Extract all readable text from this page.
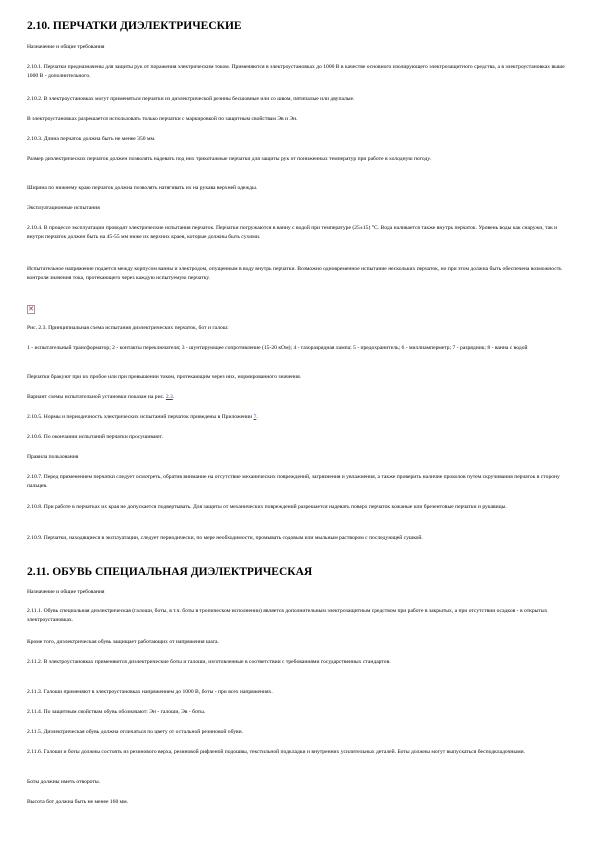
2.10. ПЕРЧАТКИ ДИЭЛЕКТРИЧЕСКИЕ

Назначение и общие требования

2.10.1. Перчатки предназначены для защиты рук от поражения электрическим током. Применяются в электроустановках до 1000 В в качестве основного изолирующего электрозащитного средства, а в электроустановках выше 1000 В - дополнительного.

2.10.2. В электроустановках могут применяться перчатки из диэлектрической резины бесшовные или со швом, пятипалые или двупалые.

В электроустановках разрешается использовать только перчатки с маркировкой по защитным свойствам Эв и Эн.

2.10.3. Длина перчаток должна быть не менее 350 мм.

Размер диэлектрических перчаток должен позволять надевать под них трикотажные перчатки для защиты рук от пониженных температур при работе в холодную погоду.

Ширина по нижнему краю перчаток должна позволять натягивать их на рукава верхней одежды.

Эксплуатационные испытания

2.10.4. В процессе эксплуатации проводят электрические испытания перчаток. Перчатки погружаются в ванну с водой при температуре (25±15) °С. Вода наливается также внутрь перчаток. Уровень воды как снаружи, так и внутри перчаток должен быть на 45-55 мм ниже их верхних краев, которые должны быть сухими.

Испытательное напряжение подается между корпусом ванны и электродом, опущенным в воду внутрь перчатки. Возможно одновременное испытание нескольких перчаток, но при этом должна быть обеспечена возможность контроля значения тока, протекающего через каждую испытуемую перчатку.

✕

Рис. 2.3. Принципиальная схема испытания диэлектрических перчаток, бот и галош:

1 - испытательный трансформатор; 2 - контакты переключателя; 3 - шунтирующее сопротивление (15-20 кОм); 4 - газоразрядная лампа; 5 - предохранитель; 6 - миллиамперметр; 7 - разрядник; 8 - ванна с водой

Перчатки бракуют при их пробое или при превышении током, протекающим через них, нормированного значения.

Вариант схемы испытательной установки показан на рис. 2.3.

2.10.5. Нормы и периодичность электрических испытаний перчаток приведены в Приложении 7.

2.10.6. По окончании испытаний перчатки просушивают.

Правила пользования

2.10.7. Перед применением перчатки следует осмотреть, обратив внимание на отсутствие механических повреждений, загрязнения и увлажнения, а также проверить наличие проколов путем скручивания перчаток в сторону пальцев.

2.10.8. При работе в перчатках их края не допускается подвертывать. Для защиты от механических повреждений разрешается надевать поверх перчаток кожаные или брезентовые перчатки и рукавицы.

2.10.9. Перчатки, находящиеся в эксплуатации, следует периодически, по мере необходимости, промывать содовым или мыльным раствором с последующей сушкой.

2.11. ОБУВЬ СПЕЦИАЛЬНАЯ ДИЭЛЕКТРИЧЕСКАЯ

Назначение и общие требования

2.11.1. Обувь специальная диэлектрическая (галоши, боты, в т.ч. боты в тропическом исполнении) является дополнительным электрозащитным средством при работе в закрытых, а при отсутствии осадков - в открытых электроустановках.

Кроме того, диэлектрическая обувь защищает работающих от напряжения шага.

2.11.2. В электроустановках применяются диэлектрические боты и галоши, изготовленные в соответствии с требованиями государственных стандартов.

2.11.3. Галоши применяют в электроустановках напряжением до 1000 В, боты - при всех напряжениях.

2.11.4. По защитным свойствам обувь обозначают: Эн - галоши, Эв - боты.

2.11.5. Диэлектрическая обувь должна отличаться по цвету от остальной резиновой обуви.

2.11.6. Галоши и боты должны состоять из резинового верха, резиновой рифленой подошвы, текстильной подкладки и внутренних усилительных деталей. Боты должны могут выпускаться бесподкладочными.

Боты должны иметь отвороты.

Высота бот должна быть не менее 160 мм.
